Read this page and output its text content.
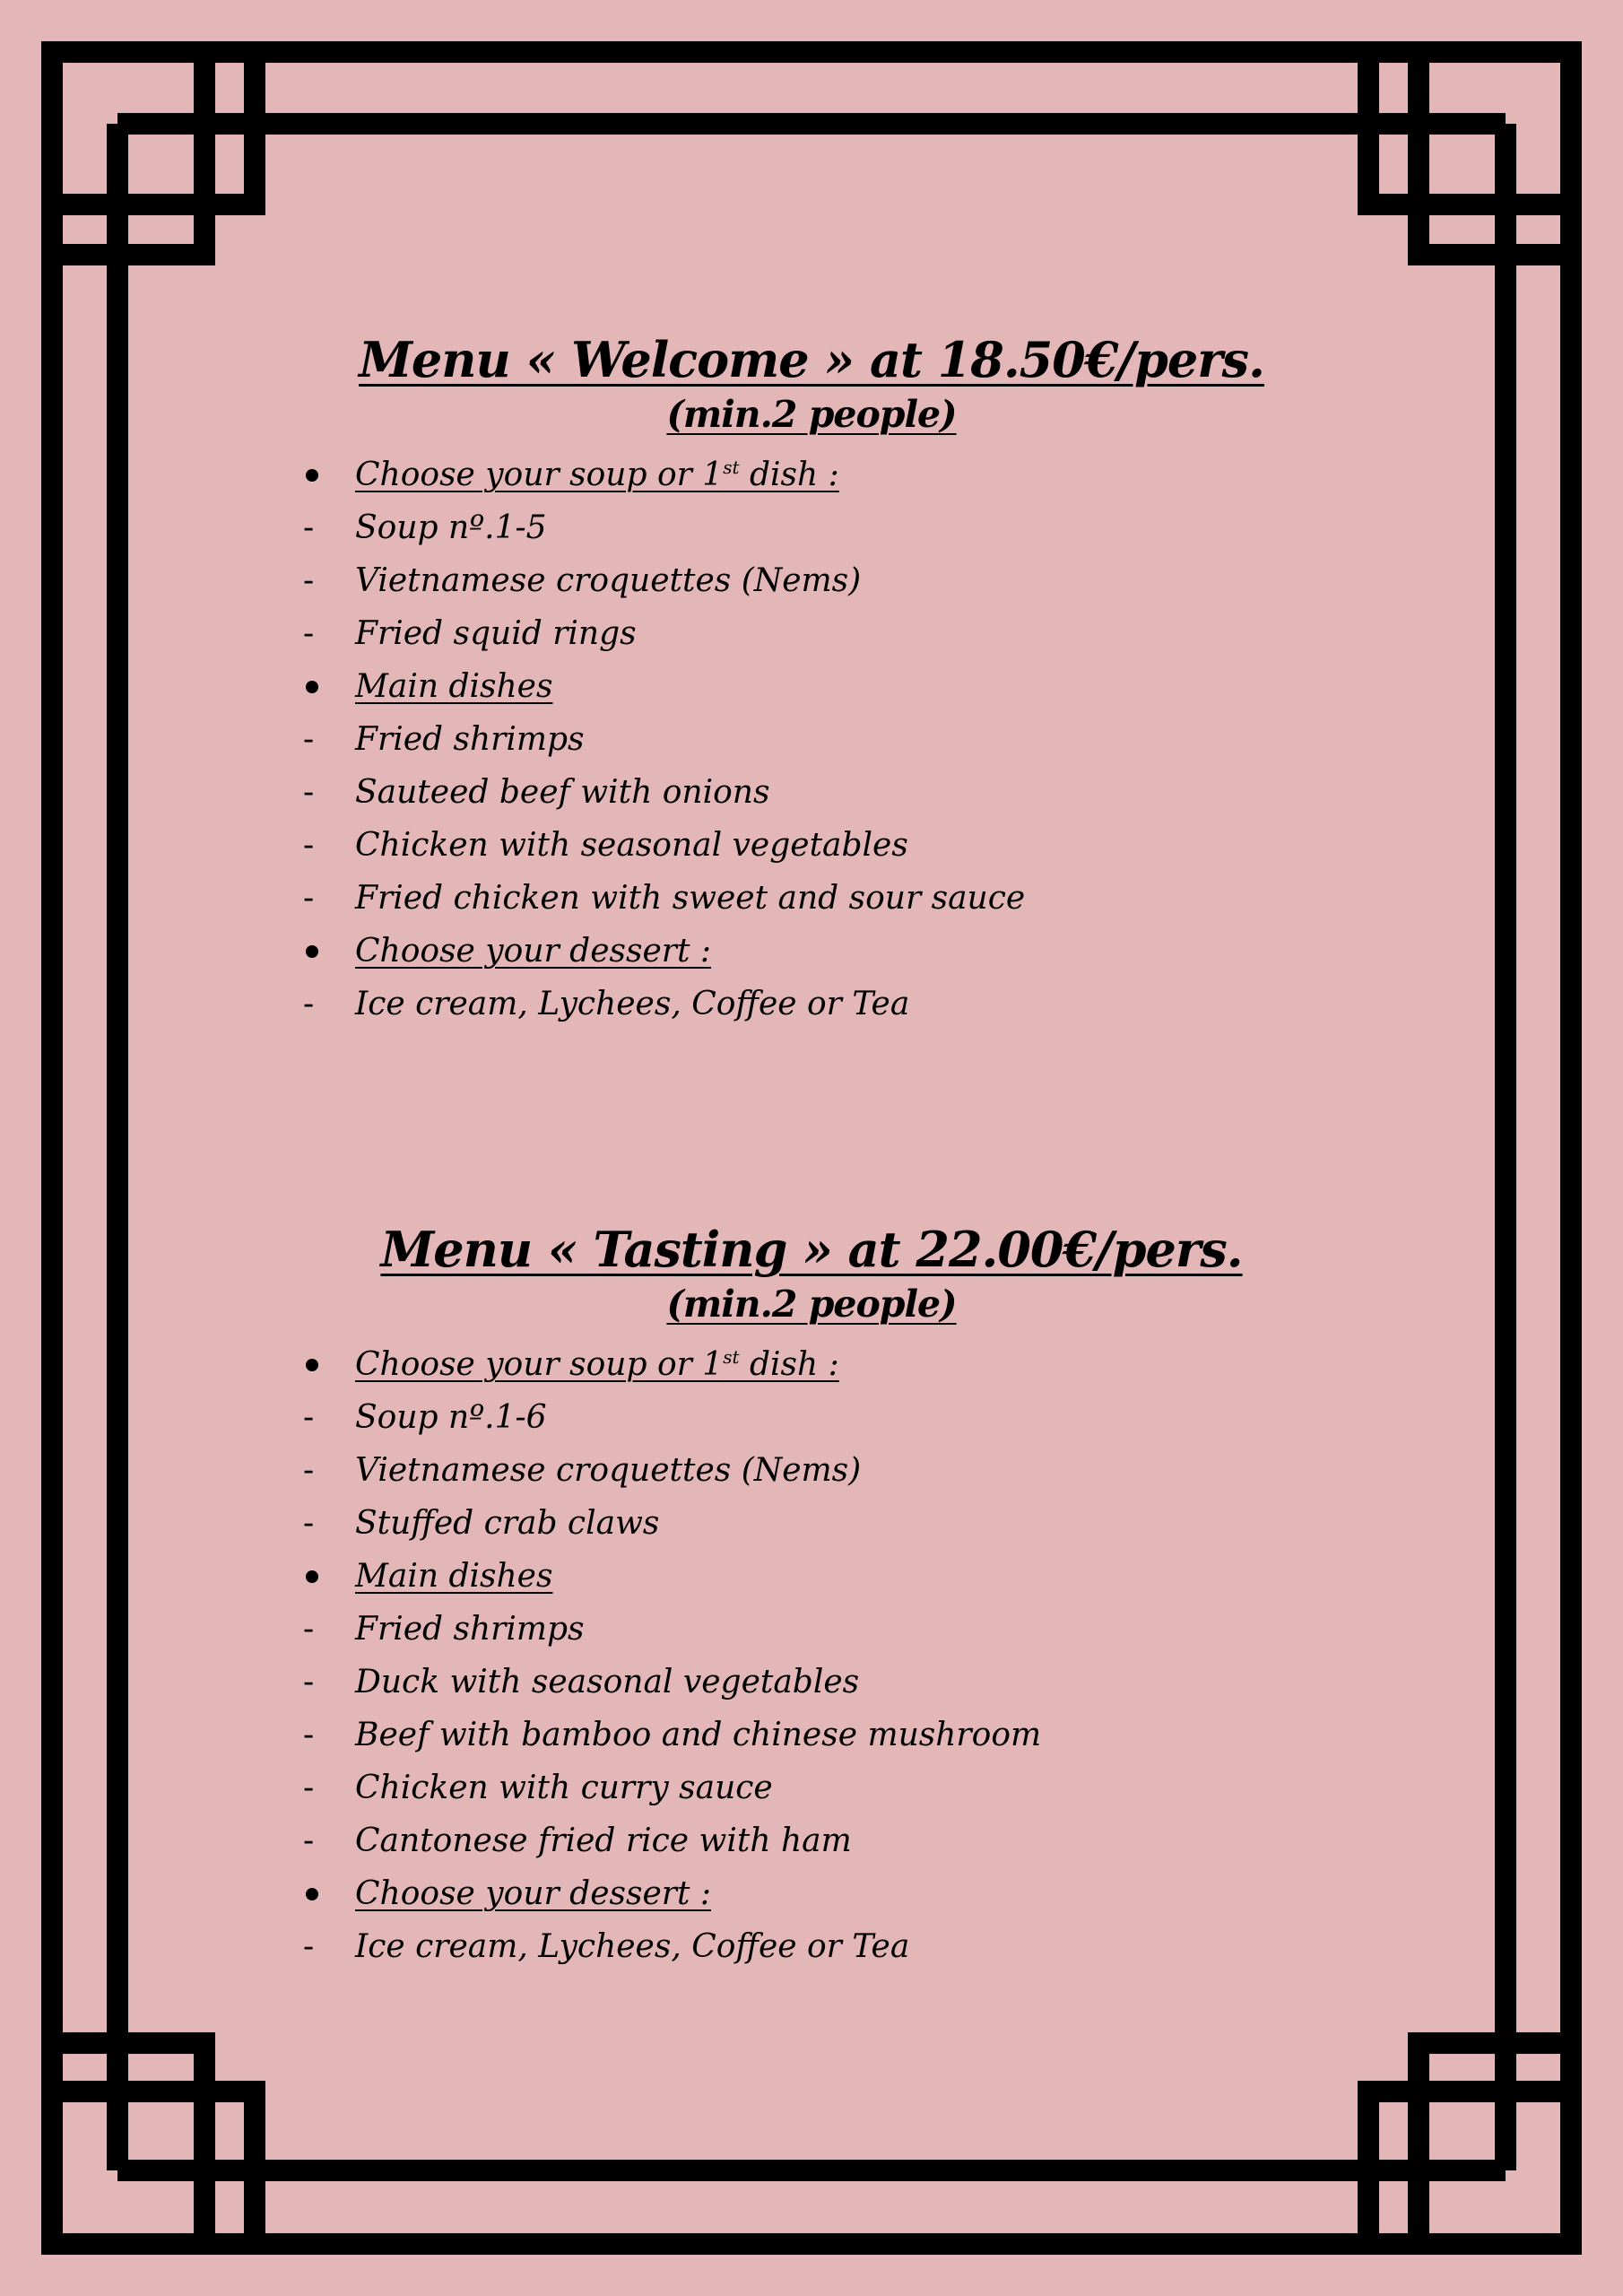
Menu « Welcome » at 18.50€/pers.
(min.2 people)
Choose your soup or 1st dish :
- Soup nº.1-5
- Vietnamese croquettes (Nems)
- Fried squid rings
Main dishes
- Fried shrimps
- Sauteed beef with onions
- Chicken with seasonal vegetables
- Fried chicken with sweet and sour sauce
Choose your dessert :
- Ice cream, Lychees, Coffee or Tea
Menu « Tasting » at 22.00€/pers.
(min.2 people)
Choose your soup or 1st dish :
- Soup nº.1-6
- Vietnamese croquettes (Nems)
- Stuffed crab claws
Main dishes
- Fried shrimps
- Duck with seasonal vegetables
- Beef with bamboo and chinese mushroom
- Chicken with curry sauce
- Cantonese fried rice with ham
Choose your dessert :
- Ice cream, Lychees, Coffee or Tea
